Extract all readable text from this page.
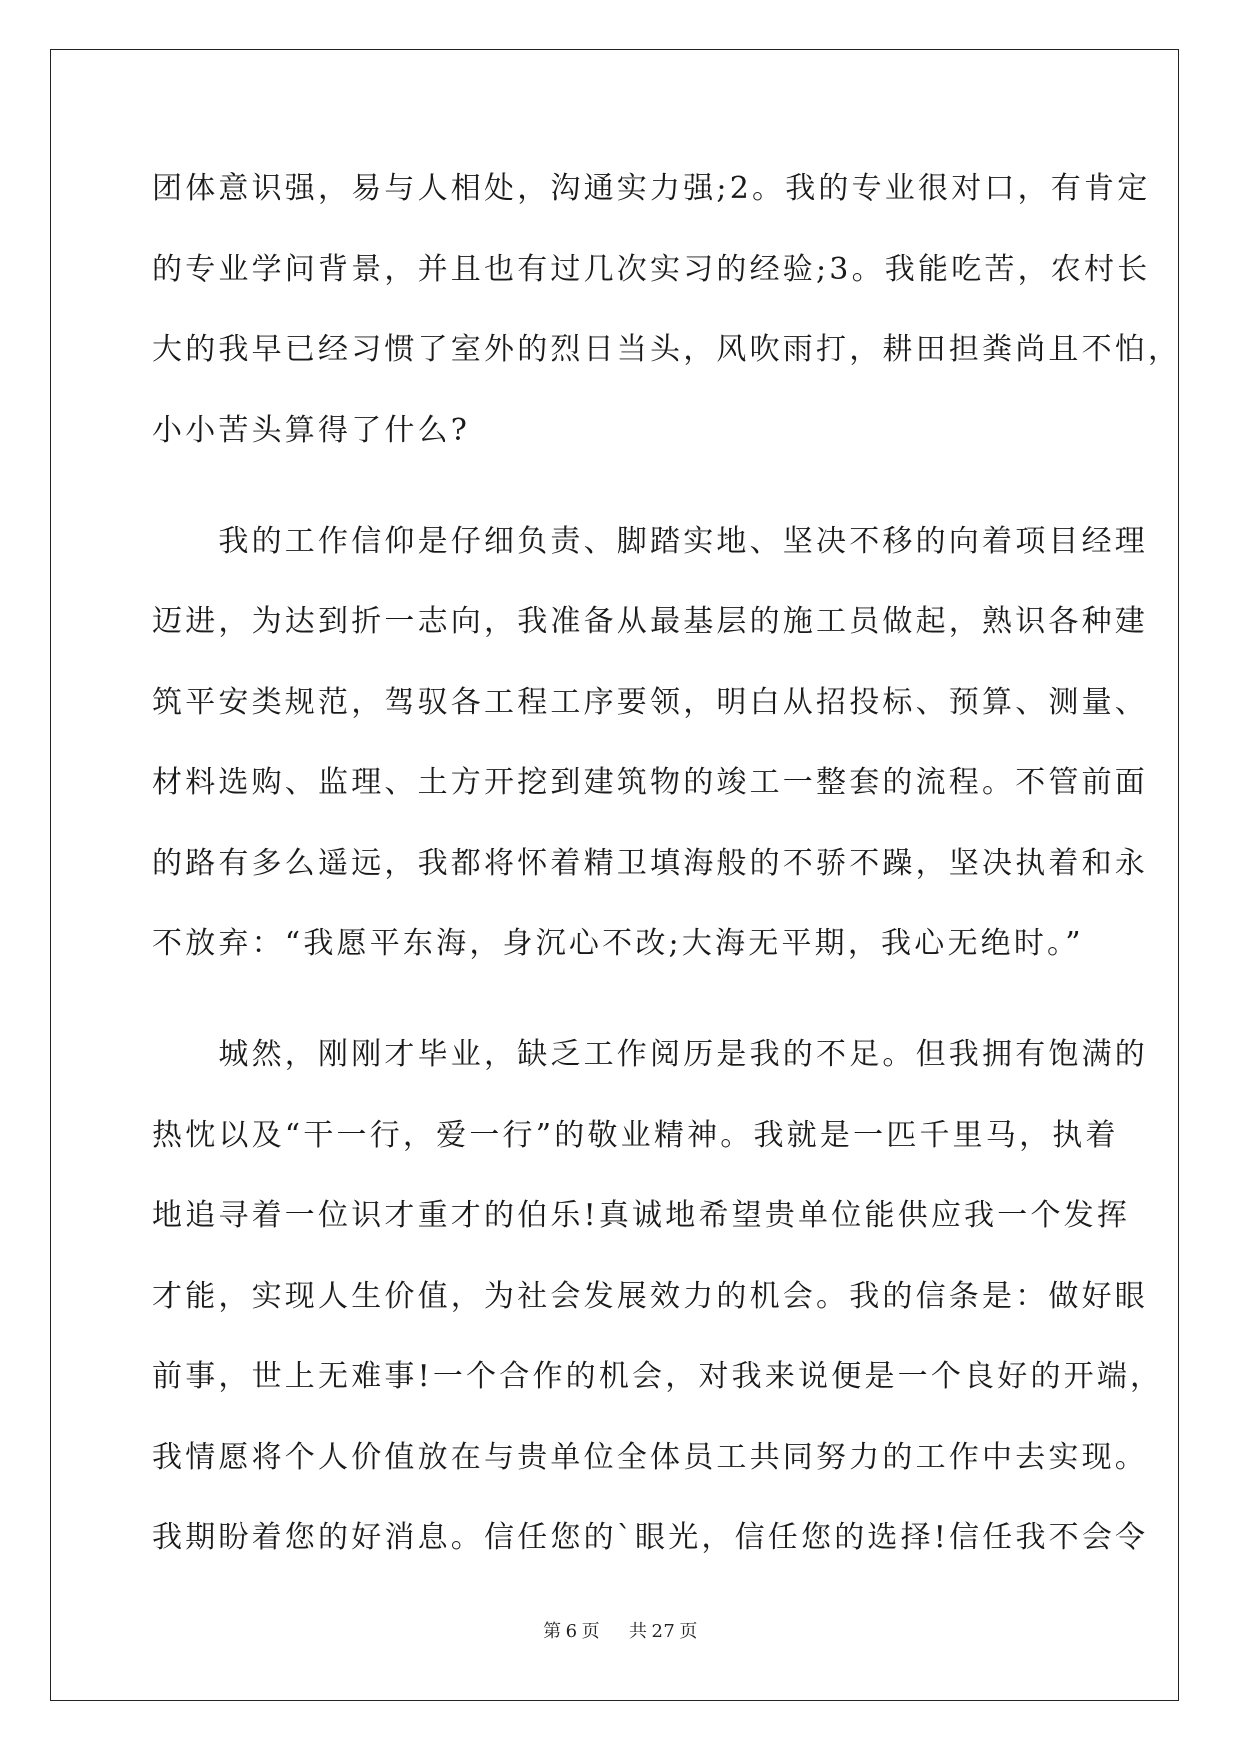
团体意识强，易与人相处，沟通实力强;2。我的专业很对口，有肯定
的专业学问背景，并且也有过几次实习的经验;3。我能吃苦，农村长
大的我早已经习惯了室外的烈日当头，风吹雨打，耕田担粪尚且不怕，
小小苦头算得了什么?
　　我的工作信仰是仔细负责、脚踏实地、坚决不移的向着项目经理
迈进，为达到折一志向，我准备从最基层的施工员做起，熟识各种建
筑平安类规范，驾驭各工程工序要领，明白从招投标、预算、测量、
材料选购、监理、土方开挖到建筑物的竣工一整套的流程。不管前面
的路有多么遥远，我都将怀着精卫填海般的不骄不躁，坚决执着和永
不放弃：“我愿平东海，身沉心不改;大海无平期，我心无绝时。”
　　城然，刚刚才毕业，缺乏工作阅历是我的不足。但我拥有饱满的
热忱以及“干一行，爱一行”的敬业精神。我就是一匹千里马，执着
地追寻着一位识才重才的伯乐!真诚地希望贵单位能供应我一个发挥
才能，实现人生价值，为社会发展效力的机会。我的信条是：做好眼
前事，世上无难事!一个合作的机会，对我来说便是一个良好的开端，
我情愿将个人价值放在与贵单位全体员工共同努力的工作中去实现。
我期盼着您的好消息。信任您的`眼光，信任您的选择!信任我不会令
第 6 页 共 27 页
